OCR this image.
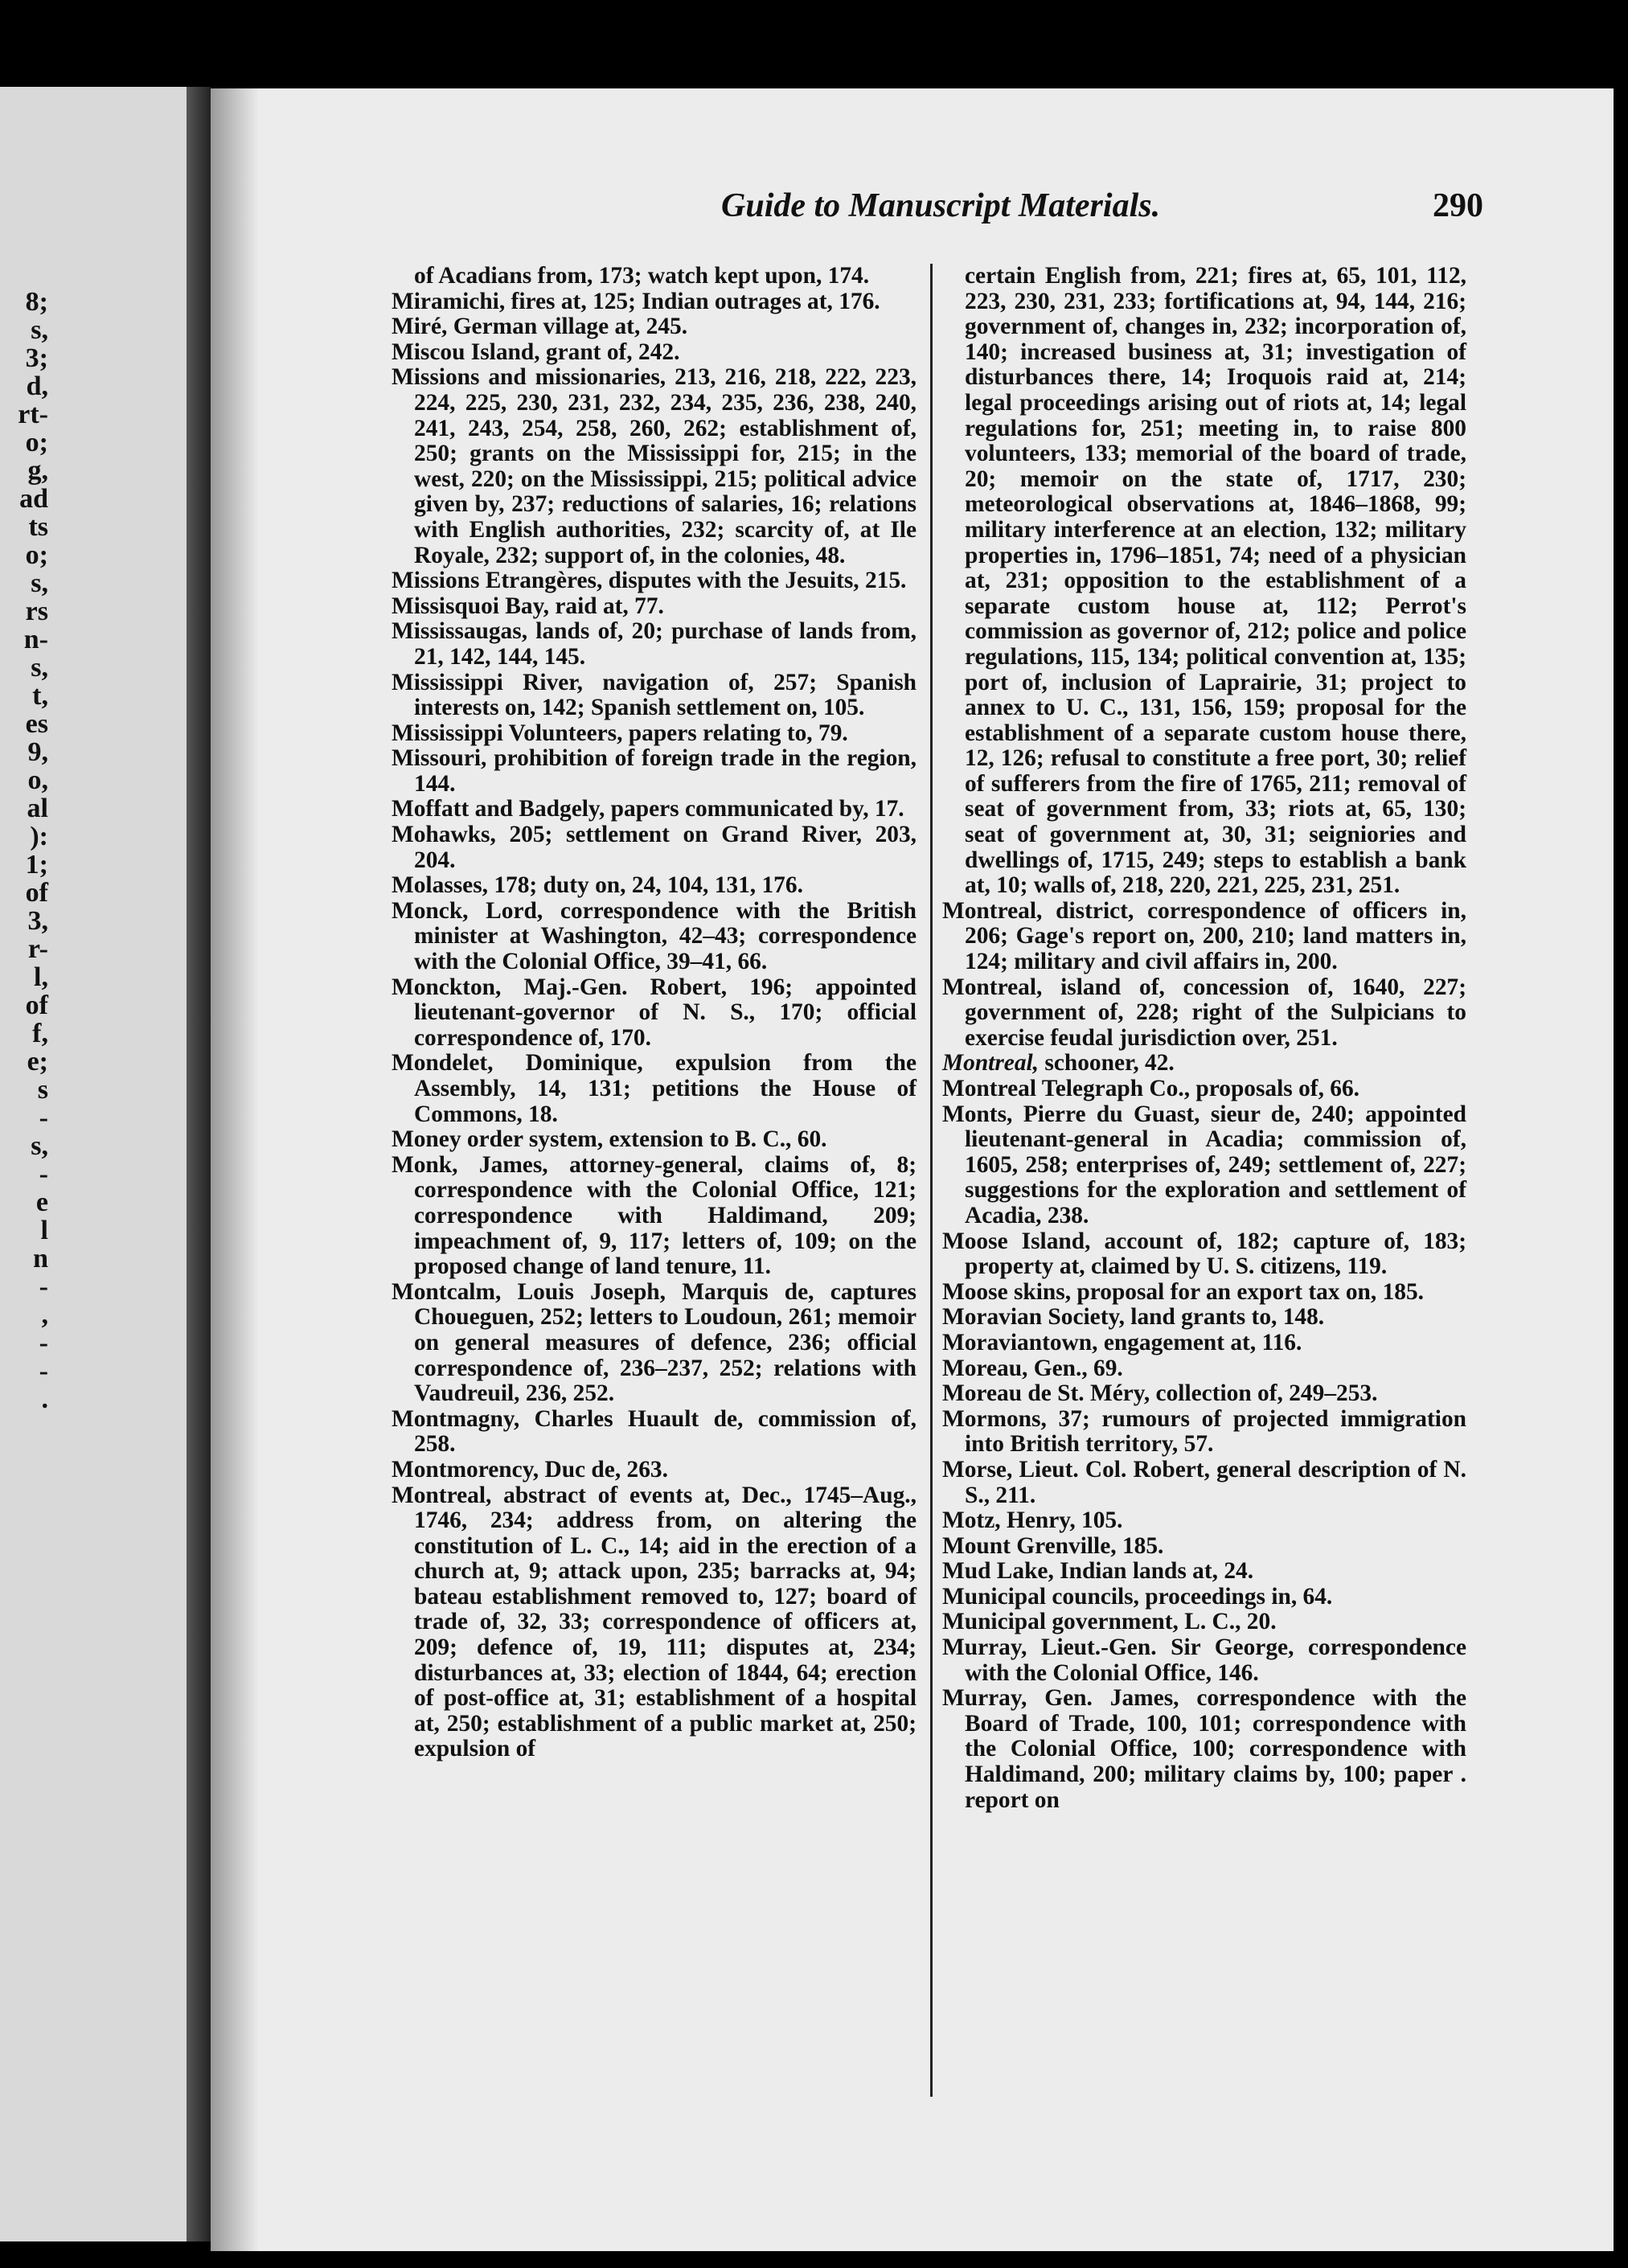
8;
s,
3;
d,
rt-
o;
g,
ad
ts
o;
s,
rs
n-
s,
t,
es
9,
o,
al
):
1;
of
3,
r-
l,
of
f,
e;
s
-
s,
-
e
l
n
-
,
-
-
.
Guide to Manuscript Materials.	290

of Acadians from, 173; watch kept upon, 174.

Miramichi, fires at, 125; Indian outrages at, 176.

Miré, German village at, 245.

Miscou Island, grant of, 242.

Missions and missionaries, 213, 216, 218, 222, 223, 224, 225, 230, 231, 232, 234, 235, 236, 238, 240, 241, 243, 254, 258, 260, 262; establishment of, 250; grants on the Mississippi for, 215; in the west, 220; on the Mississippi, 215; political advice given by, 237; reductions of salaries, 16; relations with English authorities, 232; scarcity of, at Ile Royale, 232; support of, in the colonies, 48.

Missions Etrangères, disputes with the Jesuits, 215.

Missisquoi Bay, raid at, 77.

Mississaugas, lands of, 20; purchase of lands from, 21, 142, 144, 145.

Mississippi River, navigation of, 257; Spanish interests on, 142; Spanish settlement on, 105.

Mississippi Volunteers, papers relating to, 79.

Missouri, prohibition of foreign trade in the region, 144.

Moffatt and Badgely, papers communicated by, 17.

Mohawks, 205; settlement on Grand River, 203, 204.

Molasses, 178; duty on, 24, 104, 131, 176.

Monck, Lord, correspondence with the British minister at Washington, 42–43; correspondence with the Colonial Office, 39–41, 66.

Monckton, Maj.-Gen. Robert, 196; appointed lieutenant-governor of N. S., 170; official correspondence of, 170.

Mondelet, Dominique, expulsion from the Assembly, 14, 131; petitions the House of Commons, 18.

Money order system, extension to B. C., 60.

Monk, James, attorney-general, claims of, 8; correspondence with the Colonial Office, 121; correspondence with Haldimand, 209; impeachment of, 9, 117; letters of, 109; on the proposed change of land tenure, 11.

Montcalm, Louis Joseph, Marquis de, captures Choueguen, 252; letters to Loudoun, 261; memoir on general measures of defence, 236; official correspondence of, 236–237, 252; relations with Vaudreuil, 236, 252.

Montmagny, Charles Huault de, commission of, 258.

Montmorency, Duc de, 263.

Montreal, abstract of events at, Dec., 1745–Aug., 1746, 234; address from, on altering the constitution of L. C., 14; aid in the erection of a church at, 9; attack upon, 235; barracks at, 94; bateau establishment removed to, 127; board of trade of, 32, 33; correspondence of officers at, 209; defence of, 19, 111; disputes at, 234; disturbances at, 33; election of 1844, 64; erection of post-office at, 31; establishment of a hospital at, 250; establishment of a public market at, 250; expulsion of

certain English from, 221; fires at, 65, 101, 112, 223, 230, 231, 233; fortifications at, 94, 144, 216; government of, changes in, 232; incorporation of, 140; increased business at, 31; investigation of disturbances there, 14; Iroquois raid at, 214; legal proceedings arising out of riots at, 14; legal regulations for, 251; meeting in, to raise 800 volunteers, 133; memorial of the board of trade, 20; memoir on the state of, 1717, 230; meteorological observations at, 1846–1868, 99; military interference at an election, 132; military properties in, 1796–1851, 74; need of a physician at, 231; opposition to the establishment of a separate custom house at, 112; Perrot's commission as governor of, 212; police and police regulations, 115, 134; political convention at, 135; port of, inclusion of Laprairie, 31; project to annex to U. C., 131, 156, 159; proposal for the establishment of a separate custom house there, 12, 126; refusal to constitute a free port, 30; relief of sufferers from the fire of 1765, 211; removal of seat of government from, 33; riots at, 65, 130; seat of government at, 30, 31; seigniories and dwellings of, 1715, 249; steps to establish a bank at, 10; walls of, 218, 220, 221, 225, 231, 251.

Montreal, district, correspondence of officers in, 206; Gage's report on, 200, 210; land matters in, 124; military and civil affairs in, 200.

Montreal, island of, concession of, 1640, 227; government of, 228; right of the Sulpicians to exercise feudal jurisdiction over, 251.

Montreal, schooner, 42.

Montreal Telegraph Co., proposals of, 66.

Monts, Pierre du Guast, sieur de, 240; appointed lieutenant-general in Acadia; commission of, 1605, 258; enterprises of, 249; settlement of, 227; suggestions for the exploration and settlement of Acadia, 238.

Moose Island, account of, 182; capture of, 183; property at, claimed by U. S. citizens, 119.

Moose skins, proposal for an export tax on, 185.

Moravian Society, land grants to, 148.

Moraviantown, engagement at, 116.

Moreau, Gen., 69.

Moreau de St. Méry, collection of, 249–253.

Mormons, 37; rumours of projected immigration into British territory, 57.

Morse, Lieut. Col. Robert, general description of N. S., 211.

Motz, Henry, 105.

Mount Grenville, 185.

Mud Lake, Indian lands at, 24.

Municipal councils, proceedings in, 64.

Municipal government, L. C., 20.

Murray, Lieut.-Gen. Sir George, correspondence with the Colonial Office, 146.

Murray, Gen. James, correspondence with the Board of Trade, 100, 101; correspondence with the Colonial Office, 100; correspondence with Haldimand, 200; military claims by, 100; paper . report on
